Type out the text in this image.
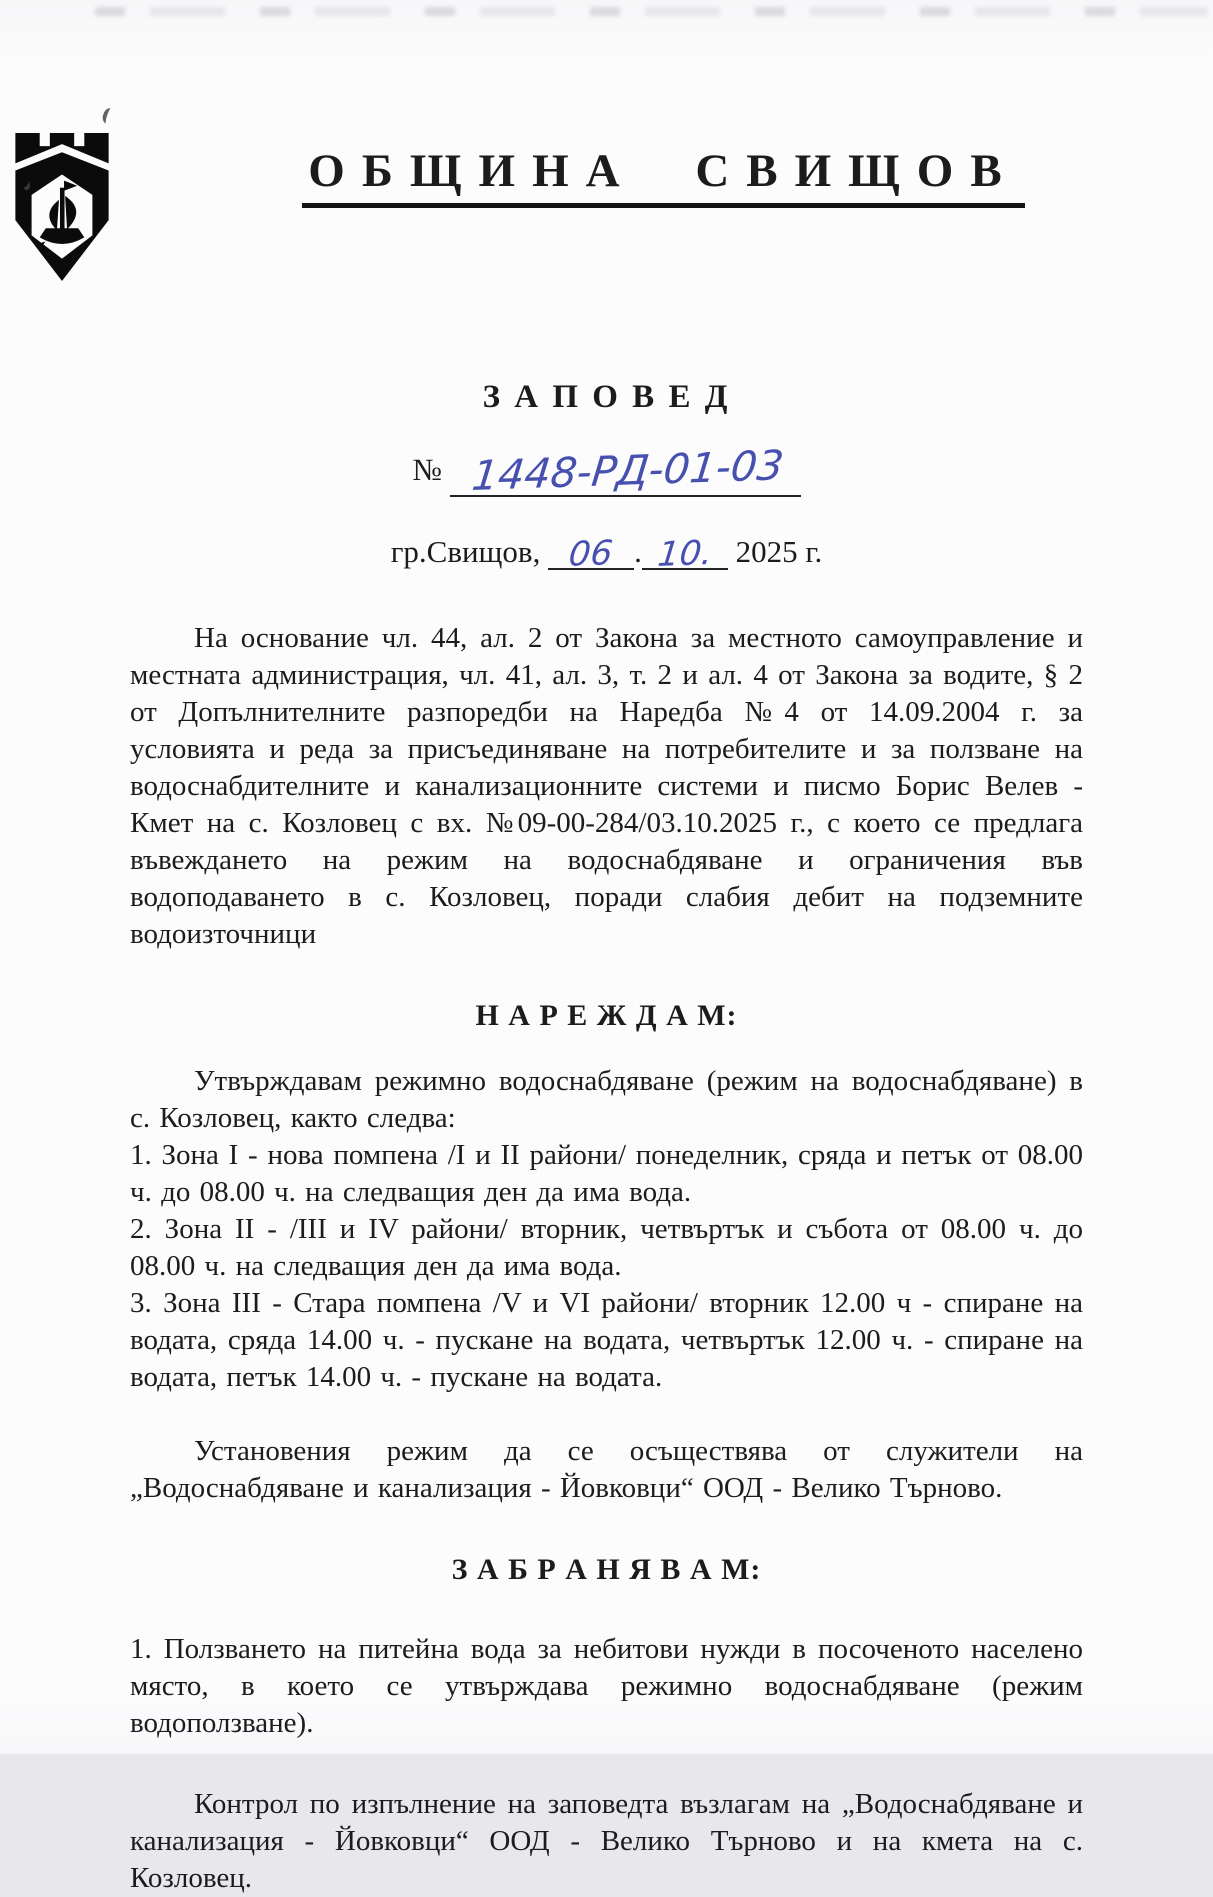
ОБЩИНА СВИЩОВ
З А П О В Е Д
№ 1448-РД-01-03
гр.Свищов, 06 . 10. 2025 г.

На основание чл. 44, ал. 2 от Закона за местното самоуправление и местната администрация, чл. 41, ал. 3, т. 2 и ал. 4 от Закона за водите, § 2 от Допълнителните разпоредби на Наредба №4 от 14.09.2004 г. за условията и реда за присъединяване на потребителите и за ползване на водоснабдителните и канализационните системи и писмо Борис Велев - Кмет на с. Козловец с вх. №09-00-284/03.10.2025 г., с което се предлага въвеждането на режим на водоснабдяване и ограничения във водоподаването в с. Козловец, поради слабия дебит на подземните водоизточници

Н А Р Е Ж Д А М:

Утвърждавам режимно водоснабдяване (режим на водоснабдяване) в с. Козловец, както следва:

1. Зона I - нова помпена /I и II райони/ понеделник, сряда и петък от 08.00 ч. до 08.00 ч. на следващия ден да има вода.

2. Зона II - /III и IV райони/ вторник, четвъртък и събота от 08.00 ч. до 08.00 ч. на следващия ден да има вода.

3. Зона III - Стара помпена /V и VI райони/ вторник 12.00 ч - спиране на водата, сряда 14.00 ч. - пускане на водата, четвъртък 12.00 ч. - спиране на водата, петък 14.00 ч. - пускане на водата.

Установения режим да се осъществява от служители на „Водоснабдяване и канализация - Йовковци“ ООД - Велико Търново.

З А Б Р А Н Я В А М:

1. Ползването на питейна вода за небитови нужди в посоченото населено място, в което се утвърждава режимно водоснабдяване (режим водоползване).

Контрол по изпълнение на заповедта възлагам на „Водоснабдяване и канализация - Йовковци“ ООД - Велико Търново и на кмета на с. Козловец.
